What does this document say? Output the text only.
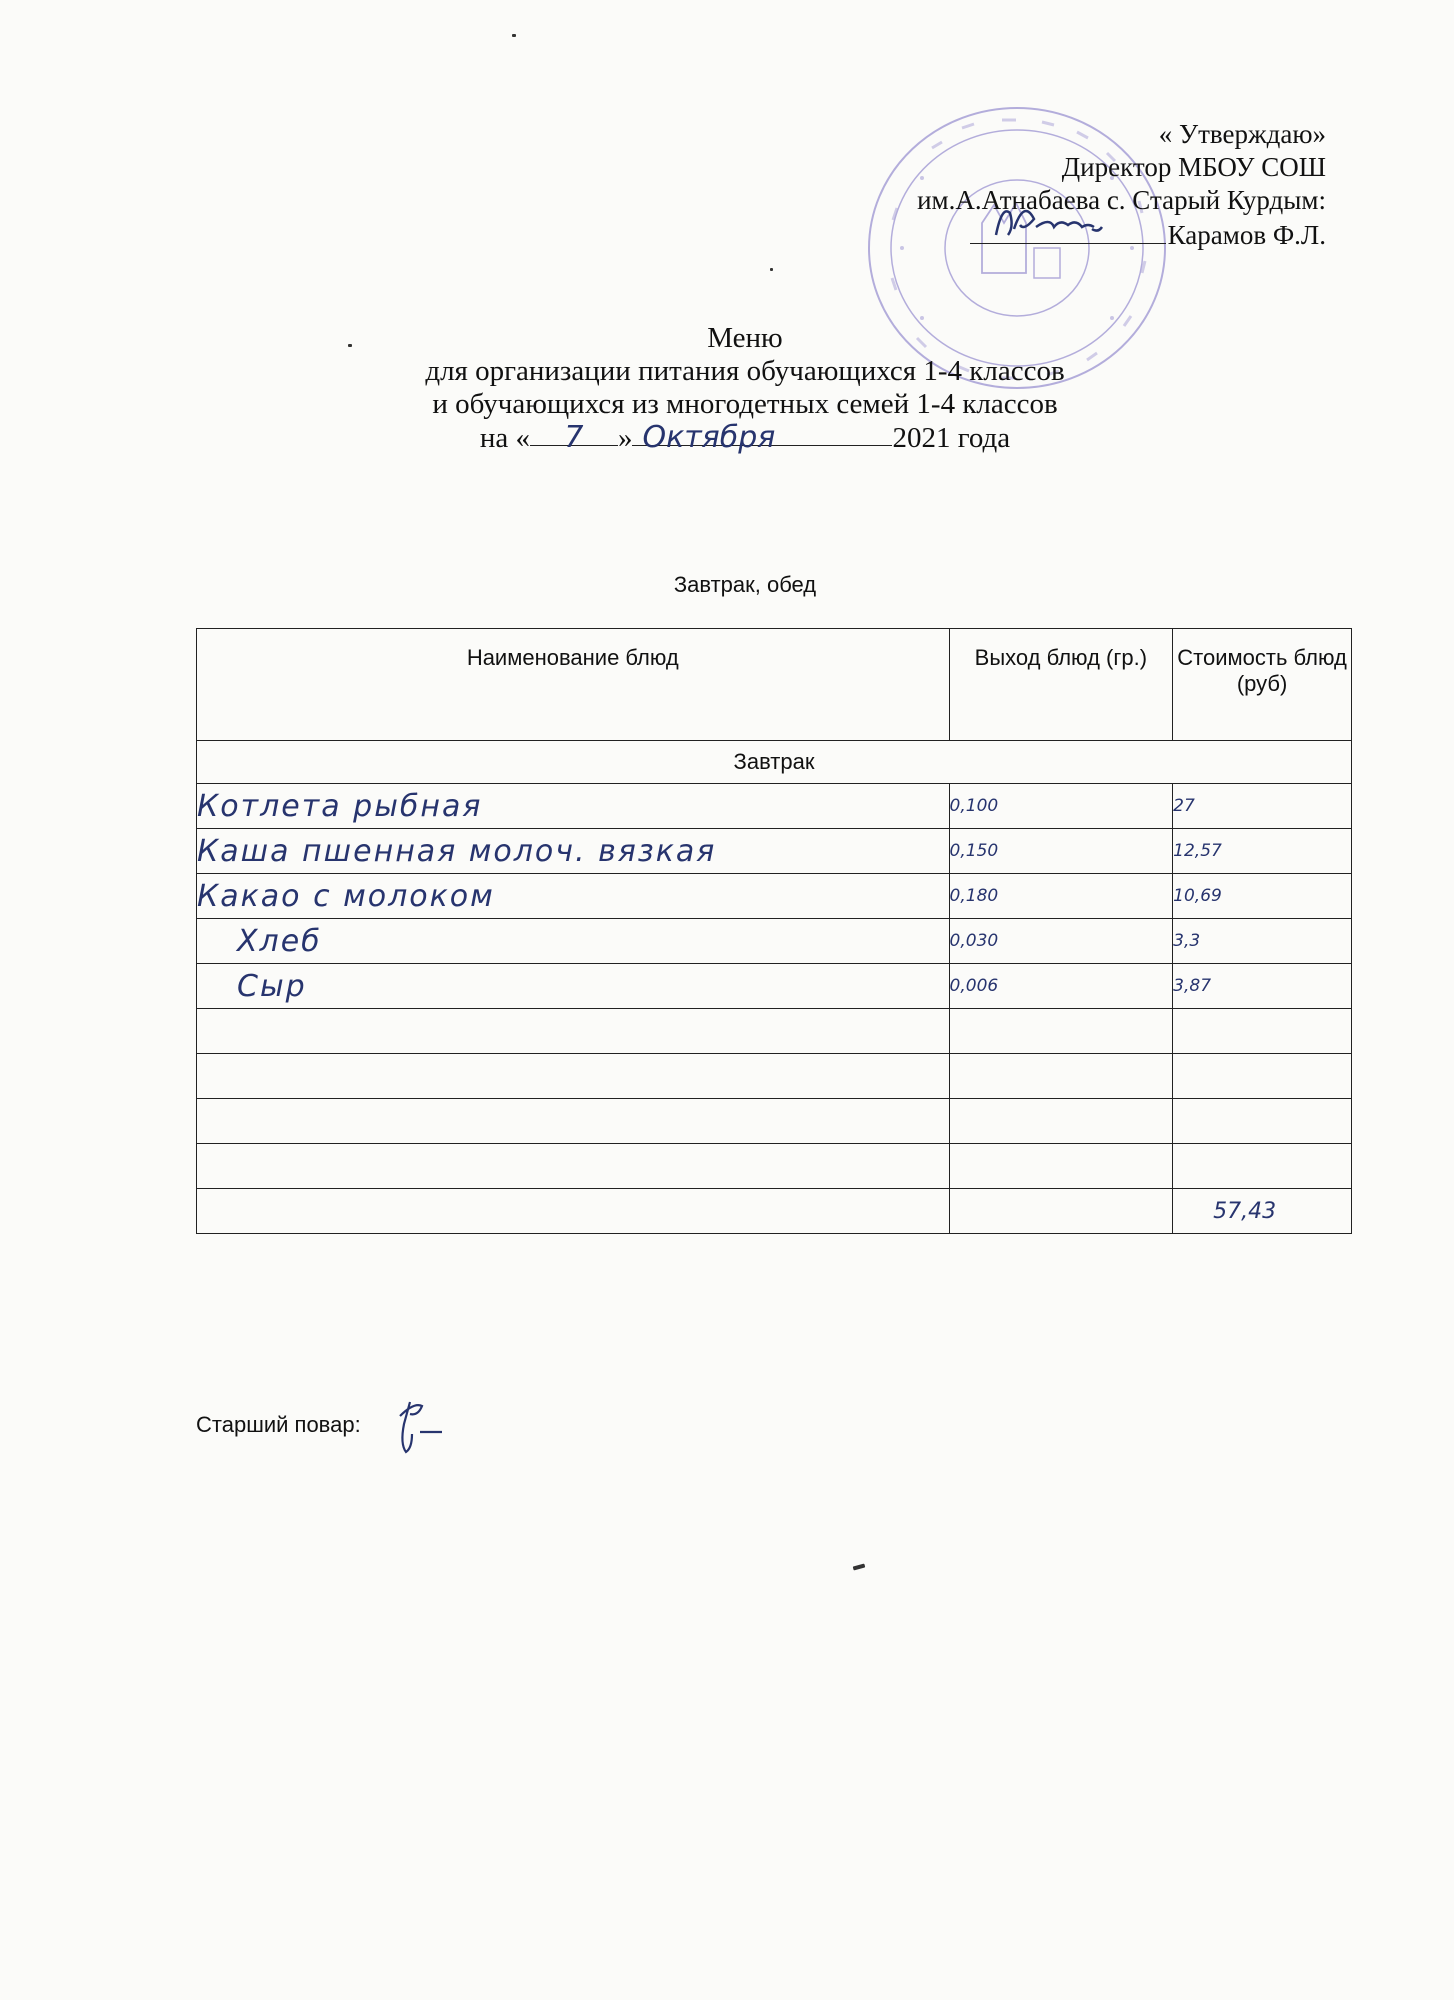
« Утверждаю»
Директор МБОУ СОШ
им.А.Атнабаева с. Старый Курдым:
Карамов Ф.Л.
Меню
для организации питания обучающихся 1-4 классов
и обучающихся из многодетных семей 1-4 классов
на « 7 » Октября	2021 года
Завтрак, обед
Наименование блюд	Выход блюд (гр.)	Стоимость блюд (руб)
Завтрак		
Котлета рыбная	0,100	27
Каша пшенная молоч. вязкая	0,150	12,57
Какао с молоком	0,180	10,69
Хлеб	0,030	3,3
Сыр	0,006	3,87

		57,43
Старший повар:
